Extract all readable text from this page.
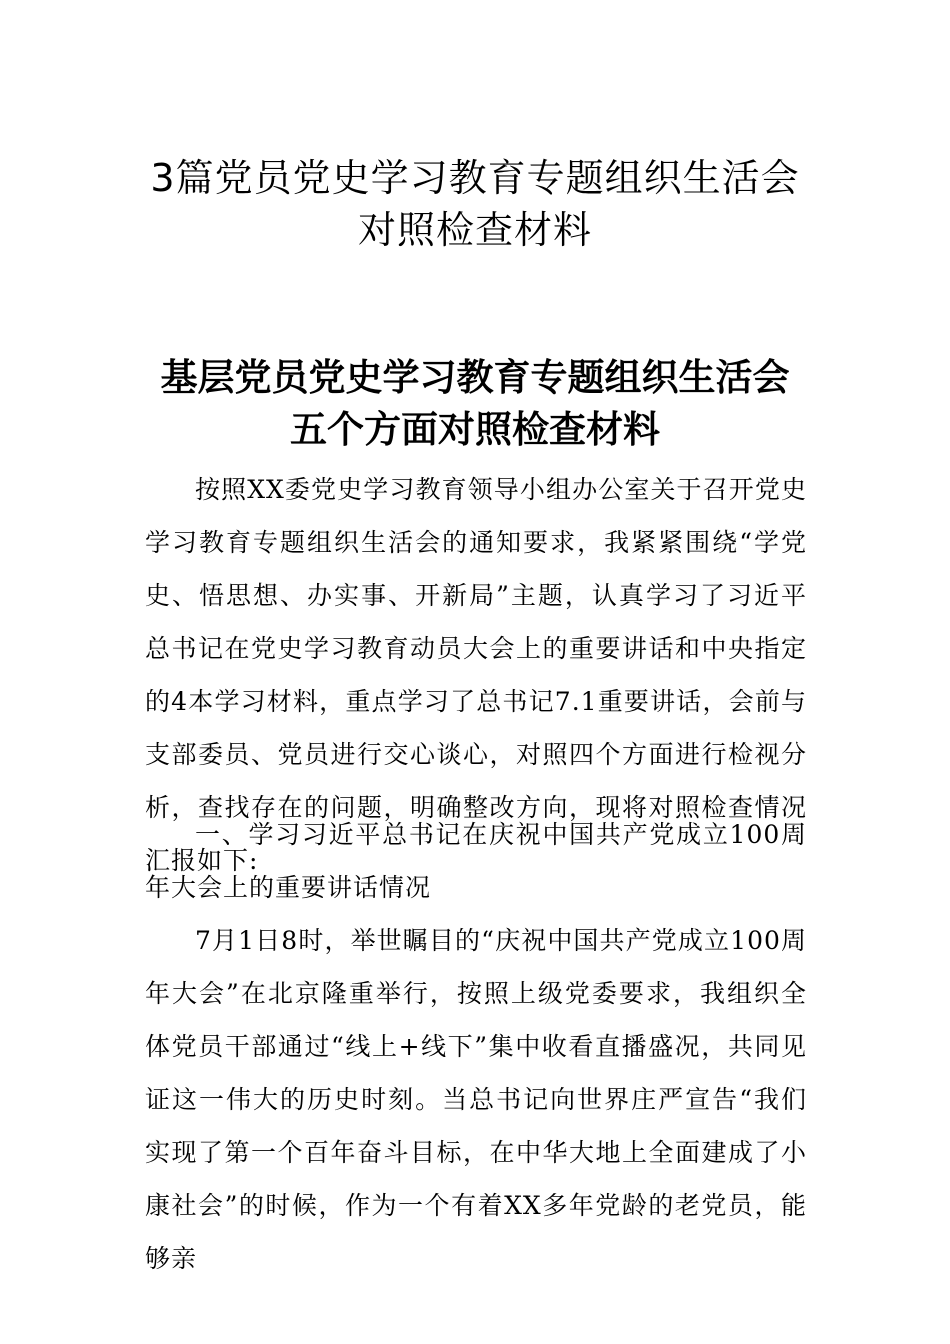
3篇党员党史学习教育专题组织生活会
对照检查材料
基层党员党史学习教育专题组织生活会
五个方面对照检查材料

按照XX委党史学习教育领导小组办公室关于召开党史学习教育专题组织生活会的通知要求，我紧紧围绕“学党史、悟思想、办实事、开新局”主题，认真学习了习近平总书记在党史学习教育动员大会上的重要讲话和中央指定的4本学习材料，重点学习了总书记7.1重要讲话，会前与支部委员、党员进行交心谈心，对照四个方面进行检视分析，查找存在的问题，明确整改方向，现将对照检查情况汇报如下:

一、学习习近平总书记在庆祝中国共产党成立100周年大会上的重要讲话情况

7月1日8时，举世瞩目的“庆祝中国共产党成立100周年大会”在北京隆重举行，按照上级党委要求，我组织全体党员干部通过“线上+线下”集中收看直播盛况，共同见证这一伟大的历史时刻。当总书记向世界庄严宣告“我们实现了第一个百年奋斗目标，在中华大地上全面建成了小康社会”的时候，作为一个有着XX多年党龄的老党员，能够亲
